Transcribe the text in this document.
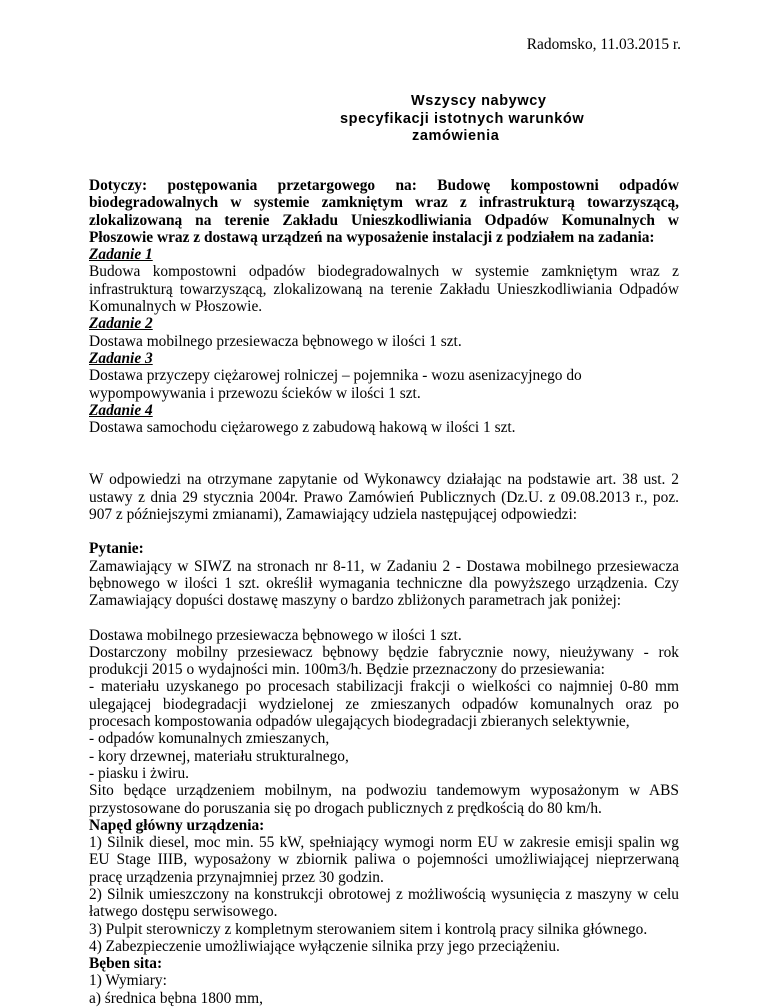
Radomsko, 11.03.2015 r.
Wszyscy nabywcy
specyfikacji istotnych warunków
zamówienia

Dotyczy: postępowania przetargowego na: Budowę kompostowni odpadów biodegradowalnych w systemie zamkniętym wraz z infrastrukturą towarzyszącą, zlokalizowaną na terenie Zakładu Unieszkodliwiania Odpadów Komunalnych w Płoszowie wraz z dostawą urządzeń na wyposażenie instalacji z podziałem na zadania:

Zadanie 1

Budowa kompostowni odpadów biodegradowalnych w systemie zamkniętym wraz z infrastrukturą towarzyszącą, zlokalizowaną na terenie Zakładu Unieszkodliwiania Odpadów Komunalnych w Płoszowie.

Zadanie 2

Dostawa mobilnego przesiewacza bębnowego w ilości 1 szt.

Zadanie 3

Dostawa przyczepy ciężarowej rolniczej – pojemnika - wozu asenizacyjnego do wypompowywania i przewozu ścieków w ilości 1 szt.

Zadanie 4

Dostawa samochodu ciężarowego z zabudową hakową w ilości 1 szt.

W odpowiedzi na otrzymane zapytanie od Wykonawcy działając na podstawie art. 38 ust. 2 ustawy z dnia 29 stycznia 2004r. Prawo Zamówień Publicznych (Dz.U. z 09.08.2013 r., poz. 907 z późniejszymi zmianami), Zamawiający udziela następującej odpowiedzi:

Pytanie:

Zamawiający w SIWZ na stronach nr 8-11, w Zadaniu 2 - Dostawa mobilnego przesiewacza bębnowego w ilości 1 szt. określił wymagania techniczne dla powyższego urządzenia. Czy Zamawiający dopuści dostawę maszyny o bardzo zbliżonych parametrach jak poniżej:

Dostawa mobilnego przesiewacza bębnowego w ilości 1 szt.

Dostarczony mobilny przesiewacz bębnowy będzie fabrycznie nowy, nieużywany - rok produkcji 2015 o wydajności min. 100m3/h. Będzie przeznaczony do przesiewania:

- materiału uzyskanego po procesach stabilizacji frakcji o wielkości co najmniej 0-80 mm ulegającej biodegradacji wydzielonej ze zmieszanych odpadów komunalnych oraz po procesach kompostowania odpadów ulegających biodegradacji zbieranych selektywnie,

- odpadów komunalnych zmieszanych,

- kory drzewnej, materiału strukturalnego,

- piasku i żwiru.

Sito będące urządzeniem mobilnym, na podwoziu tandemowym wyposażonym w ABS przystosowane do poruszania się po drogach publicznych z prędkością do 80 km/h.

Napęd główny urządzenia:

1) Silnik diesel, moc min. 55 kW, spełniający wymogi norm EU w zakresie emisji spalin wg EU Stage IIIB, wyposażony w zbiornik paliwa o pojemności umożliwiającej nieprzerwaną pracę urządzenia przynajmniej przez 30 godzin.

2) Silnik umieszczony na konstrukcji obrotowej z możliwością wysunięcia z maszyny w celu łatwego dostępu serwisowego.

3) Pulpit sterowniczy z kompletnym sterowaniem sitem i kontrolą pracy silnika głównego.

4) Zabezpieczenie umożliwiające wyłączenie silnika przy jego przeciążeniu.

Bęben sita:

1) Wymiary:

a) średnica bębna 1800 mm,
